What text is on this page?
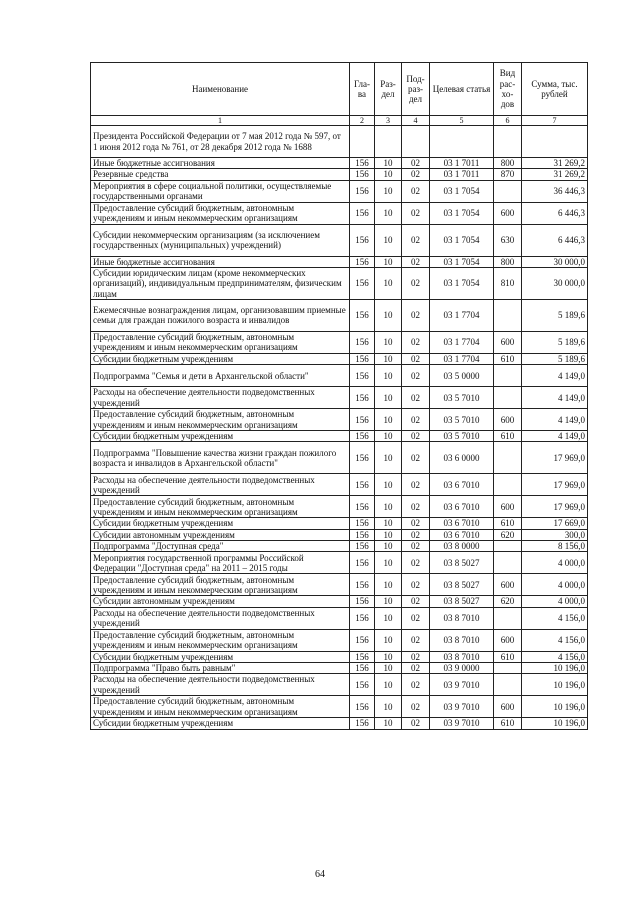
Наименование	Гла-ва	Раз-дел	Под-раз-дел	Целевая статья	Вид рас-хо-дов	Сумма, тыс. рублей
1	2	3	4	5	6	7
Президента Российской Федерации от 7 мая 2012 года № 597, от 1 июня 2012 года № 761, от 28 декабря 2012 года № 1688						
Иные бюджетные ассигнования	156	10	02	03 1 7011	800	31 269,2
Резервные средства	156	10	02	03 1 7011	870	31 269,2
Мероприятия в сфере социальной политики, осуществляемые государственными органами	156	10	02	03 1 7054		36 446,3
Предоставление субсидий бюджетным, автономным учреждениям и иным некоммерческим организациям	156	10	02	03 1 7054	600	6 446,3
Субсидии некоммерческим организациям (за исключением государственных (муниципальных) учреждений)	156	10	02	03 1 7054	630	6 446,3
Иные бюджетные ассигнования	156	10	02	03 1 7054	800	30 000,0
Субсидии юридическим лицам (кроме некоммерческих организаций), индивидуальным предпринимателям, физическим лицам	156	10	02	03 1 7054	810	30 000,0
Ежемесячные вознаграждения лицам, организовавшим приемные семьи для граждан пожилого возраста и инвалидов	156	10	02	03 1 7704		5 189,6
Предоставление субсидий бюджетным, автономным учреждениям и иным некоммерческим организациям	156	10	02	03 1 7704	600	5 189,6
Субсидии бюджетным учреждениям	156	10	02	03 1 7704	610	5 189,6
Подпрограмма "Семья и дети в Архангельской области"	156	10	02	03 5 0000		4 149,0
Расходы на обеспечение деятельности подведомственных учреждений	156	10	02	03 5 7010		4 149,0
Предоставление субсидий бюджетным, автономным учреждениям и иным некоммерческим организациям	156	10	02	03 5 7010	600	4 149,0
Субсидии бюджетным учреждениям	156	10	02	03 5 7010	610	4 149,0
Подпрограмма "Повышение качества жизни граждан пожилого возраста и инвалидов в Архангельской области"	156	10	02	03 6 0000		17 969,0
Расходы на обеспечение деятельности подведомственных учреждений	156	10	02	03 6 7010		17 969,0
Предоставление субсидий бюджетным, автономным учреждениям и иным некоммерческим организациям	156	10	02	03 6 7010	600	17 969,0
Субсидии бюджетным учреждениям	156	10	02	03 6 7010	610	17 669,0
Субсидии автономным учреждениям	156	10	02	03 6 7010	620	300,0
Подпрограмма "Доступная среда"	156	10	02	03 8 0000		8 156,0
Мероприятия государственной программы Российской Федерации "Доступная среда" на 2011 – 2015 годы	156	10	02	03 8 5027		4 000,0
Предоставление субсидий бюджетным, автономным учреждениям и иным некоммерческим организациям	156	10	02	03 8 5027	600	4 000,0
Субсидии автономным учреждениям	156	10	02	03 8 5027	620	4 000,0
Расходы на обеспечение деятельности подведомственных учреждений	156	10	02	03 8 7010		4 156,0
Предоставление субсидий бюджетным, автономным учреждениям и иным некоммерческим организациям	156	10	02	03 8 7010	600	4 156,0
Субсидии бюджетным учреждениям	156	10	02	03 8 7010	610	4 156,0
Подпрограмма "Право быть равным"	156	10	02	03 9 0000		10 196,0
Расходы на обеспечение деятельности подведомственных учреждений	156	10	02	03 9 7010		10 196,0
Предоставление субсидий бюджетным, автономным учреждениям и иным некоммерческим организациям	156	10	02	03 9 7010	600	10 196,0
Субсидии бюджетным учреждениям	156	10	02	03 9 7010	610	10 196,0
64
